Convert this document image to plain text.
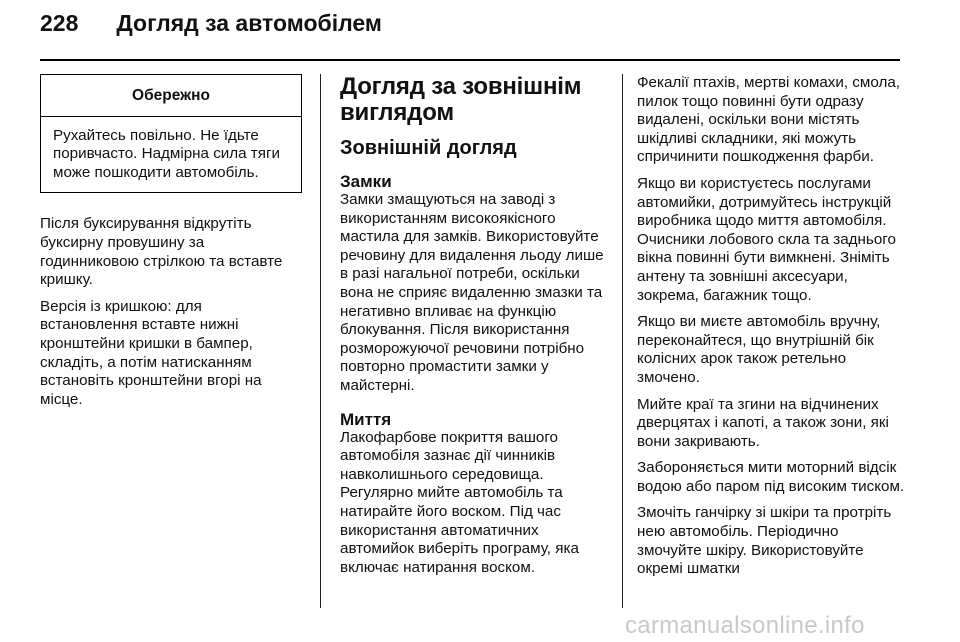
228 Догляд за автомобілем
Обережно
Рухайтесь повільно. Не їдьте поривчасто. Надмірна сила тяги може пошкодити автомобіль.

Після буксирування відкрутіть буксирну провушину за годинниковою стрілкою та вставте кришку.

Версія із кришкою: для встановлення вставте нижні кронштейни кришки в бампер, складіть, а потім натисканням встановіть кронштейни вгорі на місце.

Догляд за зовнішнім виглядом
Зовнішній догляд
Замки

Замки змащуються на заводі з використанням високоякісного мастила для замків. Використовуйте речовину для видалення льоду лише в разі нагальної потреби, оскільки вона не сприяє видаленню змазки та негативно впливає на функцію блокування. Після використання розморожуючої речовини потрібно повторно промастити замки у майстерні.

Миття

Лакофарбове покриття вашого автомобіля зазнає дії чинників навколишнього середовища. Регулярно мийте автомобіль та натирайте його воском. Під час використання автоматичних автомийок виберіть програму, яка включає натирання воском.

Фекалії птахів, мертві комахи, смола, пилок тощо повинні бути одразу видалені, оскільки вони містять шкідливі складники, які можуть спричинити пошкодження фарби.

Якщо ви користуєтесь послугами автомийки, дотримуйтесь інструкцій виробника щодо миття автомобіля. Очисники лобового скла та заднього вікна повинні бути вимкнені. Зніміть антену та зовнішні аксесуари, зокрема, багажник тощо.

Якщо ви миєте автомобіль вручну, переконайтеся, що внутрішній бік колісних арок також ретельно змочено.

Мийте краї та згини на відчинених дверцятах і капоті, а також зони, які вони закривають.

Забороняється мити моторний відсік водою або паром під високим тиском.

Змочіть ганчірку зі шкіри та протріть нею автомобіль. Періодично змочуйте шкіру. Використовуйте окремі шматки

carmanualsonline.info
